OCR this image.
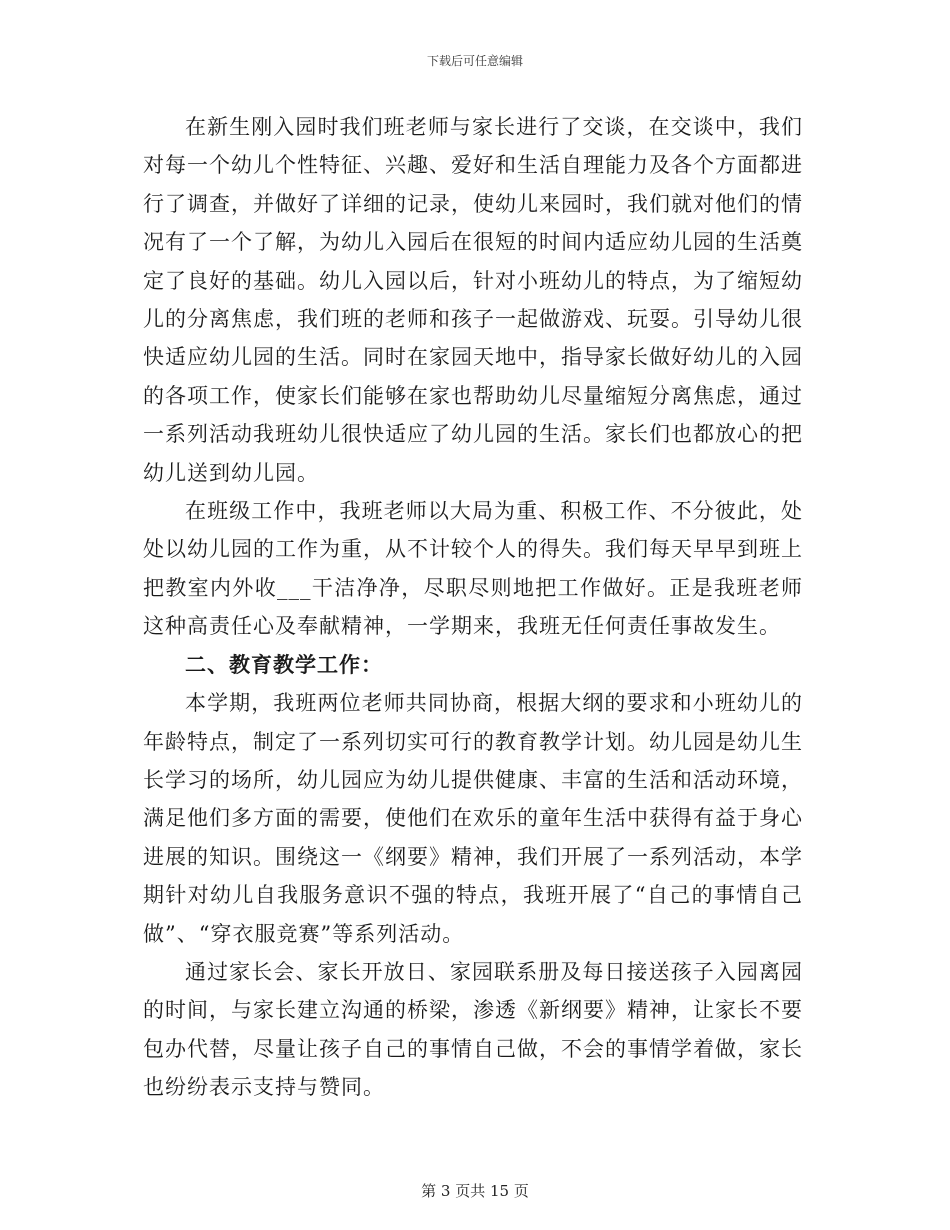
下载后可任意编辑

在新生刚入园时我们班老师与家长进行了交谈，在交谈中，我们对每一个幼儿个性特征、兴趣、爱好和生活自理能力及各个方面都进行了调查，并做好了详细的记录，使幼儿来园时，我们就对他们的情况有了一个了解，为幼儿入园后在很短的时间内适应幼儿园的生活奠定了良好的基础。幼儿入园以后，针对小班幼儿的特点，为了缩短幼儿的分离焦虑，我们班的老师和孩子一起做游戏、玩耍。引导幼儿很快适应幼儿园的生活。同时在家园天地中，指导家长做好幼儿的入园的各项工作，使家长们能够在家也帮助幼儿尽量缩短分离焦虑，通过一系列活动我班幼儿很快适应了幼儿园的生活。家长们也都放心的把幼儿送到幼儿园。

在班级工作中，我班老师以大局为重、积极工作、不分彼此，处处以幼儿园的工作为重，从不计较个人的得失。我们每天早早到班上把教室内外收___干洁净净，尽职尽则地把工作做好。正是我班老师这种高责任心及奉献精神，一学期来，我班无任何责任事故发生。

二、教育教学工作：

本学期，我班两位老师共同协商，根据大纲的要求和小班幼儿的年龄特点，制定了一系列切实可行的教育教学计划。幼儿园是幼儿生长学习的场所，幼儿园应为幼儿提供健康、丰富的生活和活动环境，满足他们多方面的需要，使他们在欢乐的童年生活中获得有益于身心进展的知识。围绕这一《纲要》精神，我们开展了一系列活动，本学期针对幼儿自我服务意识不强的特点，我班开展了“自己的事情自己做”、“穿衣服竞赛”等系列活动。

通过家长会、家长开放日、家园联系册及每日接送孩子入园离园的时间，与家长建立沟通的桥梁，渗透《新纲要》精神，让家长不要包办代替，尽量让孩子自己的事情自己做，不会的事情学着做，家长也纷纷表示支持与赞同。

第 3 页共 15 页
